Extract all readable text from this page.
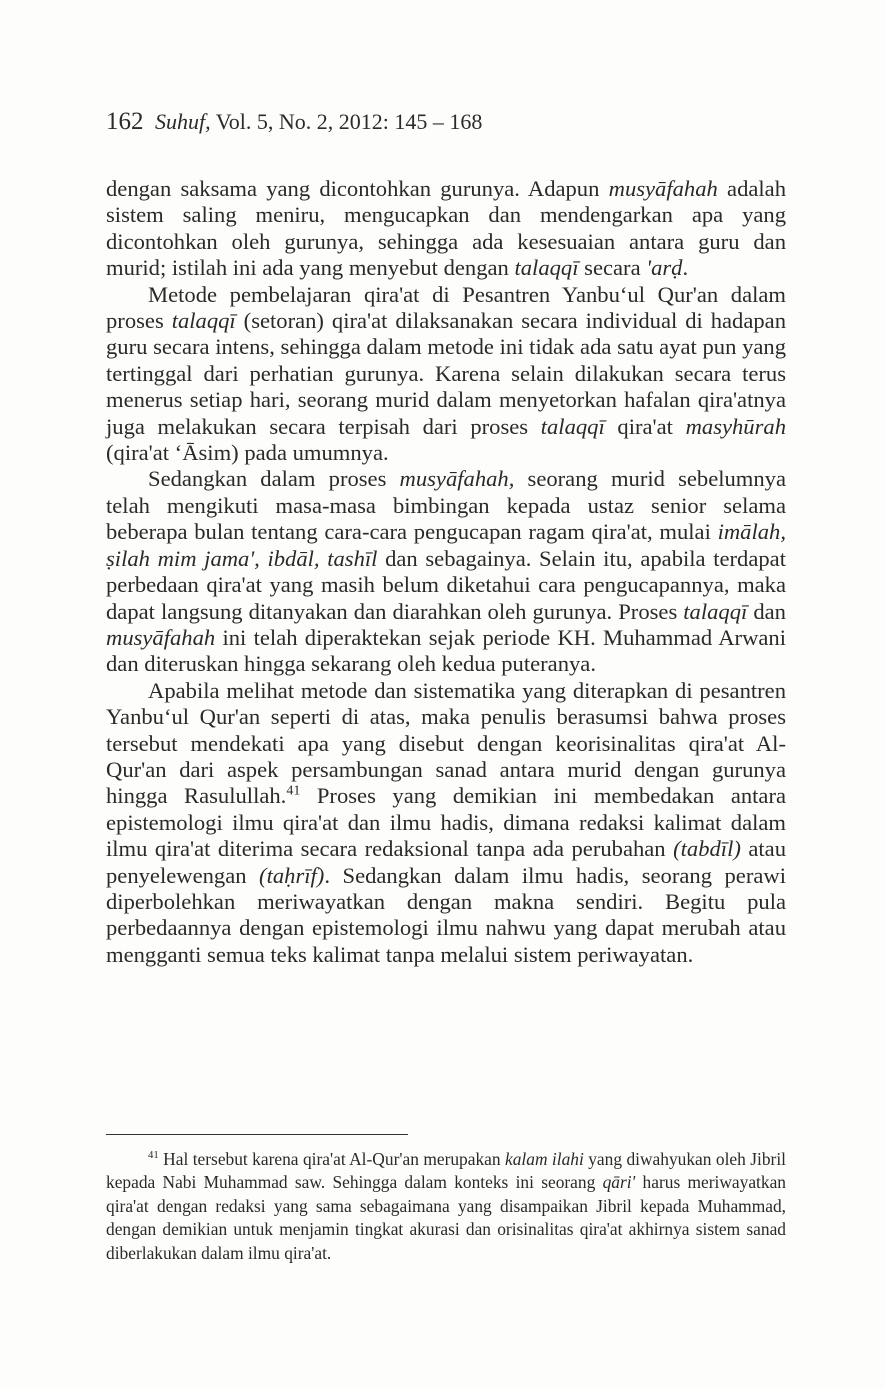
162 Suhuf, Vol. 5, No. 2, 2012: 145 – 168

dengan saksama yang dicontohkan gurunya. Adapun musyāfahah adalah sistem saling meniru, mengucapkan dan mendengarkan apa yang dicontohkan oleh gurunya, sehingga ada kesesuaian antara guru dan murid; istilah ini ada yang menyebut dengan talaqqī secara 'arḍ.

Metode pembelajaran qira'at di Pesantren Yanbu‘ul Qur'an dalam proses talaqqī (setoran) qira'at dilaksanakan secara individual di hadapan guru secara intens, sehingga dalam metode ini tidak ada satu ayat pun yang tertinggal dari perhatian gurunya. Karena selain dilakukan secara terus menerus setiap hari, seorang murid dalam menyetorkan hafalan qira'atnya juga melakukan secara terpisah dari proses talaqqī qira'at masyhūrah (qira'at ‘Āsim) pada umumnya.

Sedangkan dalam proses musyāfahah, seorang murid sebelumnya telah mengikuti masa-masa bimbingan kepada ustaz senior selama beberapa bulan tentang cara-cara pengucapan ragam qira'at, mulai imālah, ṣilah mim jama', ibdāl, tashīl dan sebagainya. Selain itu, apabila terdapat perbedaan qira'at yang masih belum diketahui cara pengucapannya, maka dapat langsung ditanyakan dan diarahkan oleh gurunya. Proses talaqqī dan musyāfahah ini telah diperaktekan sejak periode KH. Muhammad Arwani dan diteruskan hingga sekarang oleh kedua puteranya.

Apabila melihat metode dan sistematika yang diterapkan di pesantren Yanbu‘ul Qur'an seperti di atas, maka penulis berasumsi bahwa proses tersebut mendekati apa yang disebut dengan keorisinalitas qira'at Al-Qur'an dari aspek persambungan sanad antara murid dengan gurunya hingga Rasulullah.$^{41}$ Proses yang demikian ini membedakan antara epistemologi ilmu qira'at dan ilmu hadis, dimana redaksi kalimat dalam ilmu qira'at diterima secara redaksional tanpa ada perubahan (tabdīl) atau penyelewengan (taḥrīf). Sedangkan dalam ilmu hadis, seorang perawi diperbolehkan meriwayatkan dengan makna sendiri. Begitu pula perbedaannya dengan epistemologi ilmu nahwu yang dapat merubah atau mengganti semua teks kalimat tanpa melalui sistem periwayatan.

$^{41}$ Hal tersebut karena qira'at Al-Qur'an merupakan kalam ilahi yang diwahyukan oleh Jibril kepada Nabi Muhammad saw. Sehingga dalam konteks ini seorang qāri' harus meriwayatkan qira'at dengan redaksi yang sama sebagaimana yang disampaikan Jibril kepada Muhammad, dengan demikian untuk menjamin tingkat akurasi dan orisinalitas qira'at akhirnya sistem sanad diberlakukan dalam ilmu qira'at.
